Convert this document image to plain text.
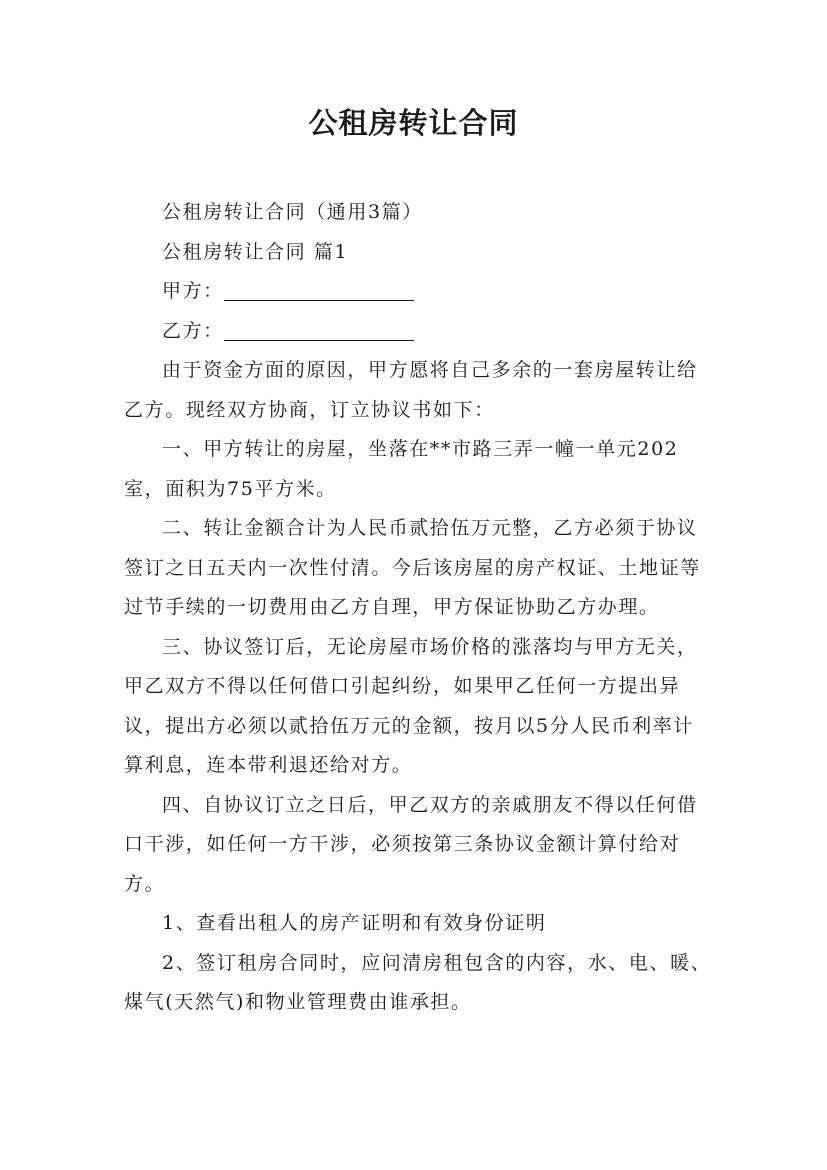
公租房转让合同

公租房转让合同（通用3篇）

公租房转让合同 篇1

甲方：

乙方：

由于资金方面的原因，甲方愿将自己多余的一套房屋转让给乙方。现经双方协商，订立协议书如下：

一、甲方转让的房屋，坐落在**市路三弄一幢一单元202室，面积为75平方米。

二、转让金额合计为人民币贰拾伍万元整，乙方必须于协议签订之日五天内一次性付清。今后该房屋的房产权证、土地证等过节手续的一切费用由乙方自理，甲方保证协助乙方办理。

三、协议签订后，无论房屋市场价格的涨落均与甲方无关，甲乙双方不得以任何借口引起纠纷，如果甲乙任何一方提出异议，提出方必须以贰拾伍万元的金额，按月以5分人民币利率计算利息，连本带利退还给对方。

四、自协议订立之日后，甲乙双方的亲戚朋友不得以任何借口干涉，如任何一方干涉，必须按第三条协议金额计算付给对方。

1、查看出租人的房产证明和有效身份证明

2、签订租房合同时，应问清房租包含的内容，水、电、暖、煤气(天然气)和物业管理费由谁承担。
